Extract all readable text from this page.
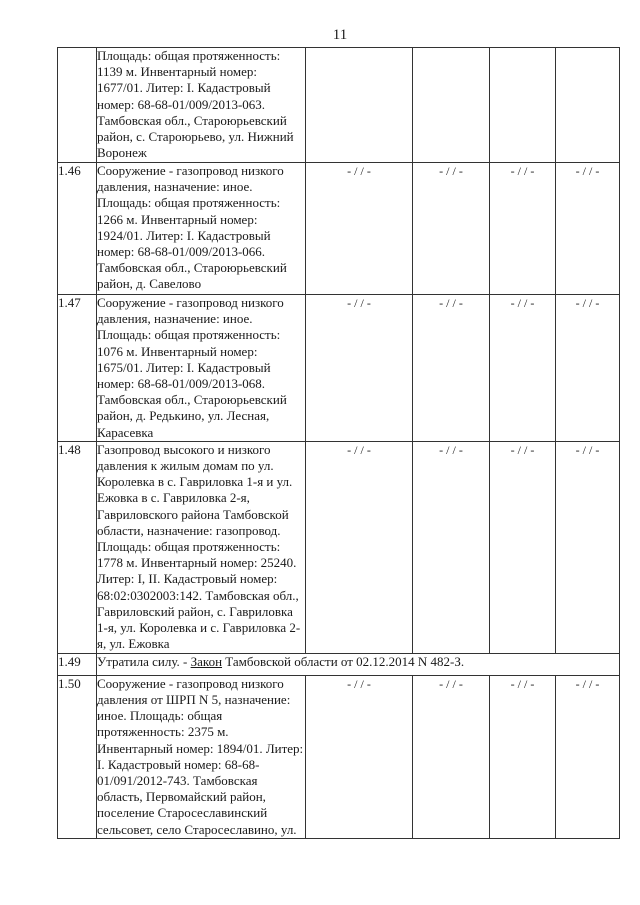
11
	Площадь: общая протяженность: 1139 м. Инвентарный номер: 1677/01. Литер: I. Кадастровый номер: 68-68-01/009/2013-063. Тамбовская обл., Староюрьевский район, с. Староюрьево, ул. Нижний Воронеж				
1.46	Сооружение - газопровод низкого давления, назначение: иное. Площадь: общая протяженность: 1266 м. Инвентарный номер: 1924/01. Литер: I. Кадастровый номер: 68-68-01/009/2013-066. Тамбовская обл., Староюрьевский район, д. Савелово	- / / -	- / / -	- / / -	- / / -
1.47	Сооружение - газопровод низкого давления, назначение: иное. Площадь: общая протяженность: 1076 м. Инвентарный номер: 1675/01. Литер: I. Кадастровый номер: 68-68-01/009/2013-068. Тамбовская обл., Староюрьевский район, д. Редькино, ул. Лесная, Карасевка	- / / -	- / / -	- / / -	- / / -
1.48	Газопровод высокого и низкого давления к жилым домам по ул. Королевка в с. Гавриловка 1-я и ул. Ежовка в с. Гавриловка 2-я, Гавриловского района Тамбовской области, назначение: газопровод. Площадь: общая протяженность: 1778 м. Инвентарный номер: 25240. Литер: I, II. Кадастровый номер: 68:02:0302003:142. Тамбовская обл., Гавриловский район, с. Гавриловка 1-я, ул. Королевка и с. Гавриловка 2-я, ул. Ежовка	- / / -	- / / -	- / / -	- / / -
1.49	Утратила силу. - Закон Тамбовской области от 02.12.2014 N 482-З.				
1.50	Сооружение - газопровод низкого давления от ШРП N 5, назначение: иное. Площадь: общая протяженность: 2375 м. Инвентарный номер: 1894/01. Литер: I. Кадастровый номер: 68-68-01/091/2012-743. Тамбовская область, Первомайский район, поселение Старосеславинский сельсовет, село Старосеславино, ул.	- / / -	- / / -	- / / -	- / / -
